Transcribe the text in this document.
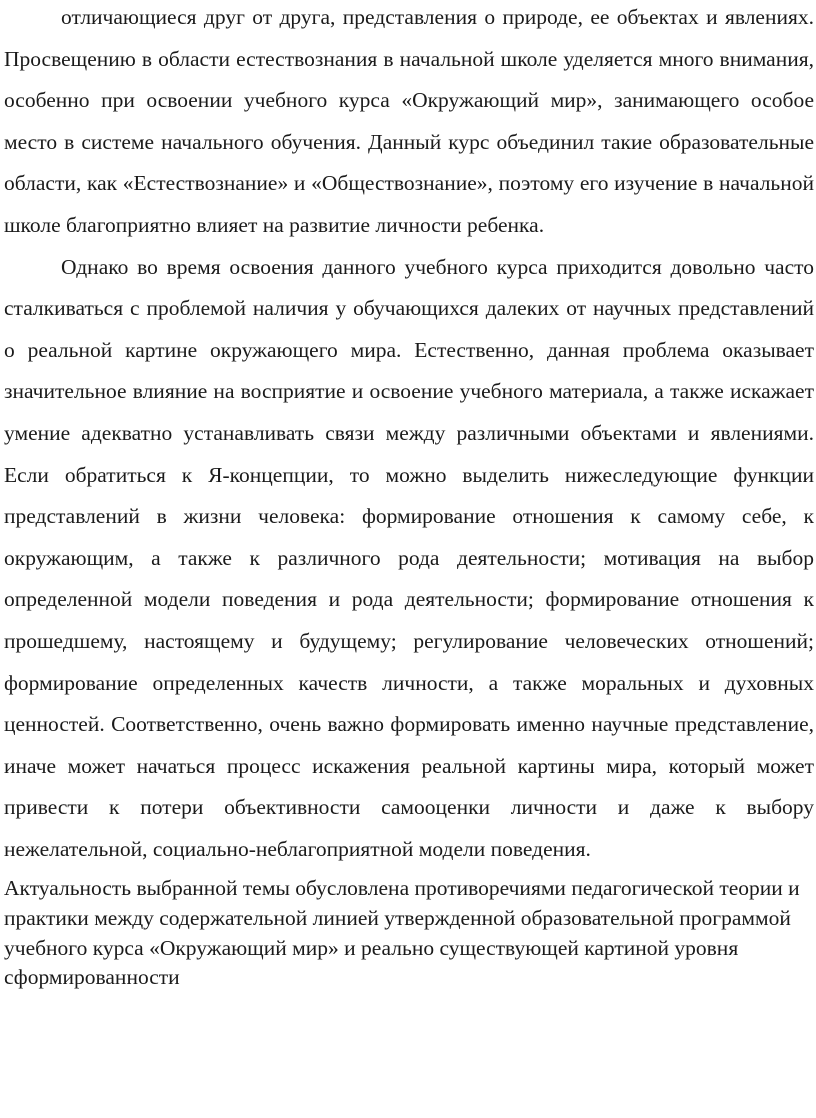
отличающиеся друг от друга, представления о природе, ее объектах и явлениях. Просвещению в области естествознания в начальной школе уделяется много внимания, особенно при освоении учебного курса «Окружающий мир», занимающего особое место в системе начального обучения. Данный курс объединил такие образовательные области, как «Естествознание» и «Обществознание», поэтому его изучение в начальной школе благоприятно влияет на развитие личности ребенка.

Однако во время освоения данного учебного курса приходится довольно часто сталкиваться с проблемой наличия у обучающихся далеких от научных представлений о реальной картине окружающего мира. Естественно, данная проблема оказывает значительное влияние на восприятие и освоение учебного материала, а также искажает умение адекватно устанавливать связи между различными объектами и явлениями. Если обратиться к Я-концепции, то можно выделить нижеследующие функции представлений в жизни человека: формирование отношения к самому себе, к окружающим, а также к различного рода деятельности; мотивация на выбор определенной модели поведения и рода деятельности; формирование отношения к прошедшему, настоящему и будущему; регулирование человеческих отношений; формирование определенных качеств личности, а также моральных и духовных ценностей. Соответственно, очень важно формировать именно научные представление, иначе может начаться процесс искажения реальной картины мира, который может привести к потери объективности самооценки личности и даже к выбору нежелательной, социально-неблагоприятной модели поведения.

Актуальность выбранной темы обусловлена противоречиями педагогической теории и практики между содержательной линией утвержденной образовательной программой учебного курса «Окружающий мир» и реально существующей картиной уровня сформированности
